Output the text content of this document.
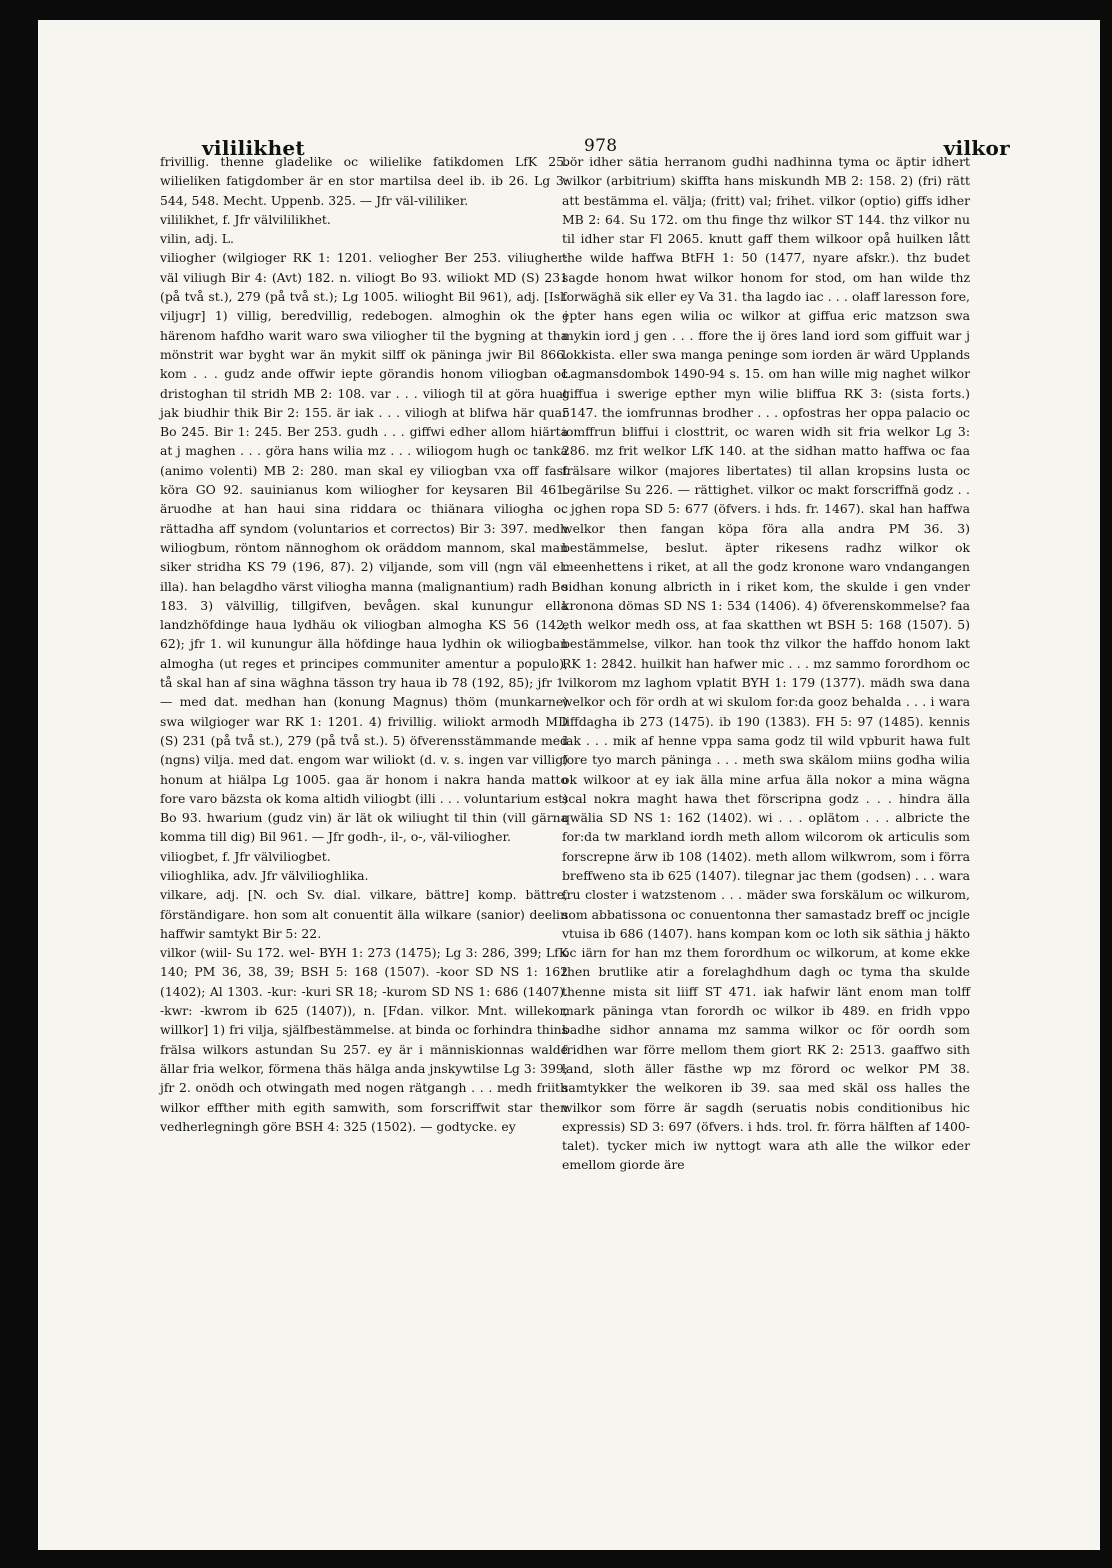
vililikhet	978	vilkor

frivillig. thenne gladelike oc wilielike fatikdomen LfK 25. wilieliken fatigdomber är en stor martilsa deel ib. ib 26. Lg 3: 544, 548. Mecht. Uppenb. 325. — Jfr väl-vililiker.

vililikhet, f. Jfr välvililikhet.

vilin, adj. L.

viliogher (wilgioger RK 1: 1201. veliogher Ber 253. viliugher: väl viliugh Bir 4: (Avt) 182. n. viliogt Bo 93. wiliokt MD (S) 231 (på två st.), 279 (på två st.); Lg 1005. wilioght Bil 961), adj. [Isl. viljugr] 1) villig, beredvillig, redebogen. almoghin ok the j härenom hafdho warit waro swa viliogher til the bygning at tha mönstrit war byght war än mykit silff ok päninga jwir Bil 866. kom . . . gudz ande offwir iepte görandis honom viliogban oc dristoghan til stridh MB 2: 108. var . . . viliogh til at göra huat jak biudhir thik Bir 2: 155. är iak . . . viliogh at blifwa här quar Bo 245. Bir 1: 245. Ber 253. gudh . . . giffwi edher allom hiärta at j maghen . . . göra hans wilia mz . . . wiliogom hugh oc tanka (animo volenti) MB 2: 280. man skal ey viliogban vxa off fast köra GO 92. sauinianus kom wiliogher for keysaren Bil 461. äruodhe at han haui sina riddara oc thiänara viliogha oc rättadha aff syndom (voluntarios et correctos) Bir 3: 397. medh wiliogbum, röntom nännoghom ok oräddom mannom, skal man siker stridha KS 79 (196, 87). 2) viljande, som vill (ngn väl el. illa). han belagdho värst viliogha manna (malignantium) radh Bo 183. 3) välvillig, tillgifven, bevågen. skal kunungur ella landzhöfdinge haua lydhäu ok viliogban almogha KS 56 (142, 62); jfr 1. wil kunungur älla höfdinge haua lydhin ok wiliogban almogha (ut reges et principes communiter amentur a populo), tå skal han af sina wäghna tässon try haua ib 78 (192, 85); jfr 1. — med dat. medhan han (konung Magnus) thöm (munkarne) swa wilgioger war RK 1: 1201. 4) frivillig. wiliokt armodh MD (S) 231 (på två st.), 279 (på två st.). 5) öfverensstämmande med (ngns) vilja. med dat. engom war wiliokt (d. v. s. ingen var villig) honum at hiälpa Lg 1005. gaa är honom i nakra handa matto fore varo bäzsta ok koma altidh viliogbt (illi . . . voluntarium est) Bo 93. hwarium (gudz vin) är lät ok wiliught til thin (vill gärna komma till dig) Bil 961. — Jfr godh-, il-, o-, väl-viliogher.

viliogbet, f. Jfr välviliogbet.

vilioghlika, adv. Jfr välvilioghlika.

vilkare, adj. [N. och Sv. dial. vilkare, bättre] komp. bättre, förständigare. hon som alt conuentit älla wilkare (sanior) deelin haffwir samtykt Bir 5: 22.

vilkor (wiil- Su 172. wel- BYH 1: 273 (1475); Lg 3: 286, 399; LfK 140; PM 36, 38, 39; BSH 5: 168 (1507). -koor SD NS 1: 162 (1402); Al 1303. -kur: -kuri SR 18; -kurom SD NS 1: 686 (1407). -kwr: -kwrom ib 625 (1407)), n. [Fdan. vilkor. Mnt. willekor, willkor] 1) fri vilja, själfbestämmelse. at binda oc forhindra thins frälsa wilkors astundan Su 257. ey är i människionnas walde ällar fria welkor, förmena thäs hälga anda jnskywtilse Lg 3: 399; jfr 2. onödh och otwingath med nogen rätgangh . . . medh friith wilkor effther mith egith samwith, som forscriffwit star then vedherlegningh göre BSH 4: 325 (1502). — godtycke. ey

bör idher sätia herranom gudhi nadhinna tyma oc äptir idhert wilkor (arbitrium) skiffta hans miskundh MB 2: 158. 2) (fri) rätt att bestämma el. välja; (fritt) val; frihet. vilkor (optio) giffs idher MB 2: 64. Su 172. om thu finge thz wilkor ST 144. thz vilkor nu til idher star Fl 2065. knutt gaff them wilkoor opå huilken lått the wilde haffwa BtFH 1: 50 (1477, nyare afskr.). thz budet sagde honom hwat wilkor honom for stod, om han wilde thz forwäghä sik eller ey Va 31. tha lagdo iac . . . olaff laresson fore, epter hans egen wilia oc wilkor at giffua eric matzson swa mykin iord j gen . . . ffore the ij öres land iord som giffuit war j lokkista. eller swa manga peninge som iorden är wärd Upplands Lagmansdombok 1490-94 s. 15. om han wille mig naghet wilkor giffua i swerige epther myn wilie bliffua RK 3: (sista forts.) 5147. the iomfrunnas brodher . . . opfostras her oppa palacio oc iomffrun bliffui i closttrit, oc waren widh sit fria welkor Lg 3: 286. mz frit welkor LfK 140. at the sidhan matto haffwa oc faa frälsare wilkor (majores libertates) til allan kropsins lusta oc begärilse Su 226. — rättighet. vilkor oc makt forscriffnä godz . . . jghen ropa SD 5: 677 (öfvers. i hds. fr. 1467). skal han haffwa welkor then fangan köpa föra alla andra PM 36. 3) bestämmelse, beslut. äpter rikesens radhz wilkor ok meenhettens i riket, at all the godz kronone waro vndangangen sidhan konung albricth in i riket kom, the skulde i gen vnder kronona dömas SD NS 1: 534 (1406). 4) öfverenskommelse? faa eth welkor medh oss, at faa skatthen wt BSH 5: 168 (1507). 5) bestämmelse, vilkor. han took thz vilkor the haffdo honom lakt RK 1: 2842. huilkit han hafwer mic . . . mz sammo forordhom oc vilkorom mz laghom vplatit BYH 1: 179 (1377). mädh swa dana welkor och för ordh at wi skulom for:da gooz behalda . . . i wara liffdagha ib 273 (1475). ib 190 (1383). FH 5: 97 (1485). kennis iak . . . mik af henne vppa sama godz til wild vpburit hawa fult fore tyo march päninga . . . meth swa skälom miins godha wilia ok wilkoor at ey iak älla mine arfua älla nokor a mina wägna scal nokra maght hawa thet förscripna godz . . . hindra älla qwälia SD NS 1: 162 (1402). wi . . . oplätom . . . albricte the for:da tw markland iordh meth allom wilcorom ok articulis som forscrepne ärw ib 108 (1402). meth allom wilkwrom, som i förra breffweno sta ib 625 (1407). tilegnar jac them (godsen) . . . wara fru closter i watzstenom . . . mäder swa forskälum oc wilkurom, som abbatissona oc conuentonna ther samastadz breff oc jncigle vtuisa ib 686 (1407). hans kompan kom oc loth sik säthia j häkto oc iärn for han mz them forordhum oc wilkorum, at kome ekke then brutlike atir a forelaghdhum dagh oc tyma tha skulde thenne mista sit liiff ST 471. iak hafwir länt enom man tolff mark päninga vtan forordh oc wilkor ib 489. en fridh vppo badhe sidhor annama mz samma wilkor oc för oordh som fridhen war förre mellom them giort RK 2: 2513. gaaffwo sith land, sloth äller fästhe wp mz förord oc welkor PM 38. samtykker the welkoren ib 39. saa med skäl oss halles the wilkor som förre är sagdh (seruatis nobis conditionibus hic expressis) SD 3: 697 (öfvers. i hds. trol. fr. förra hälften af 1400-talet). tycker mich iw nyttogt wara ath alle the wilkor eder emellom giorde äre
